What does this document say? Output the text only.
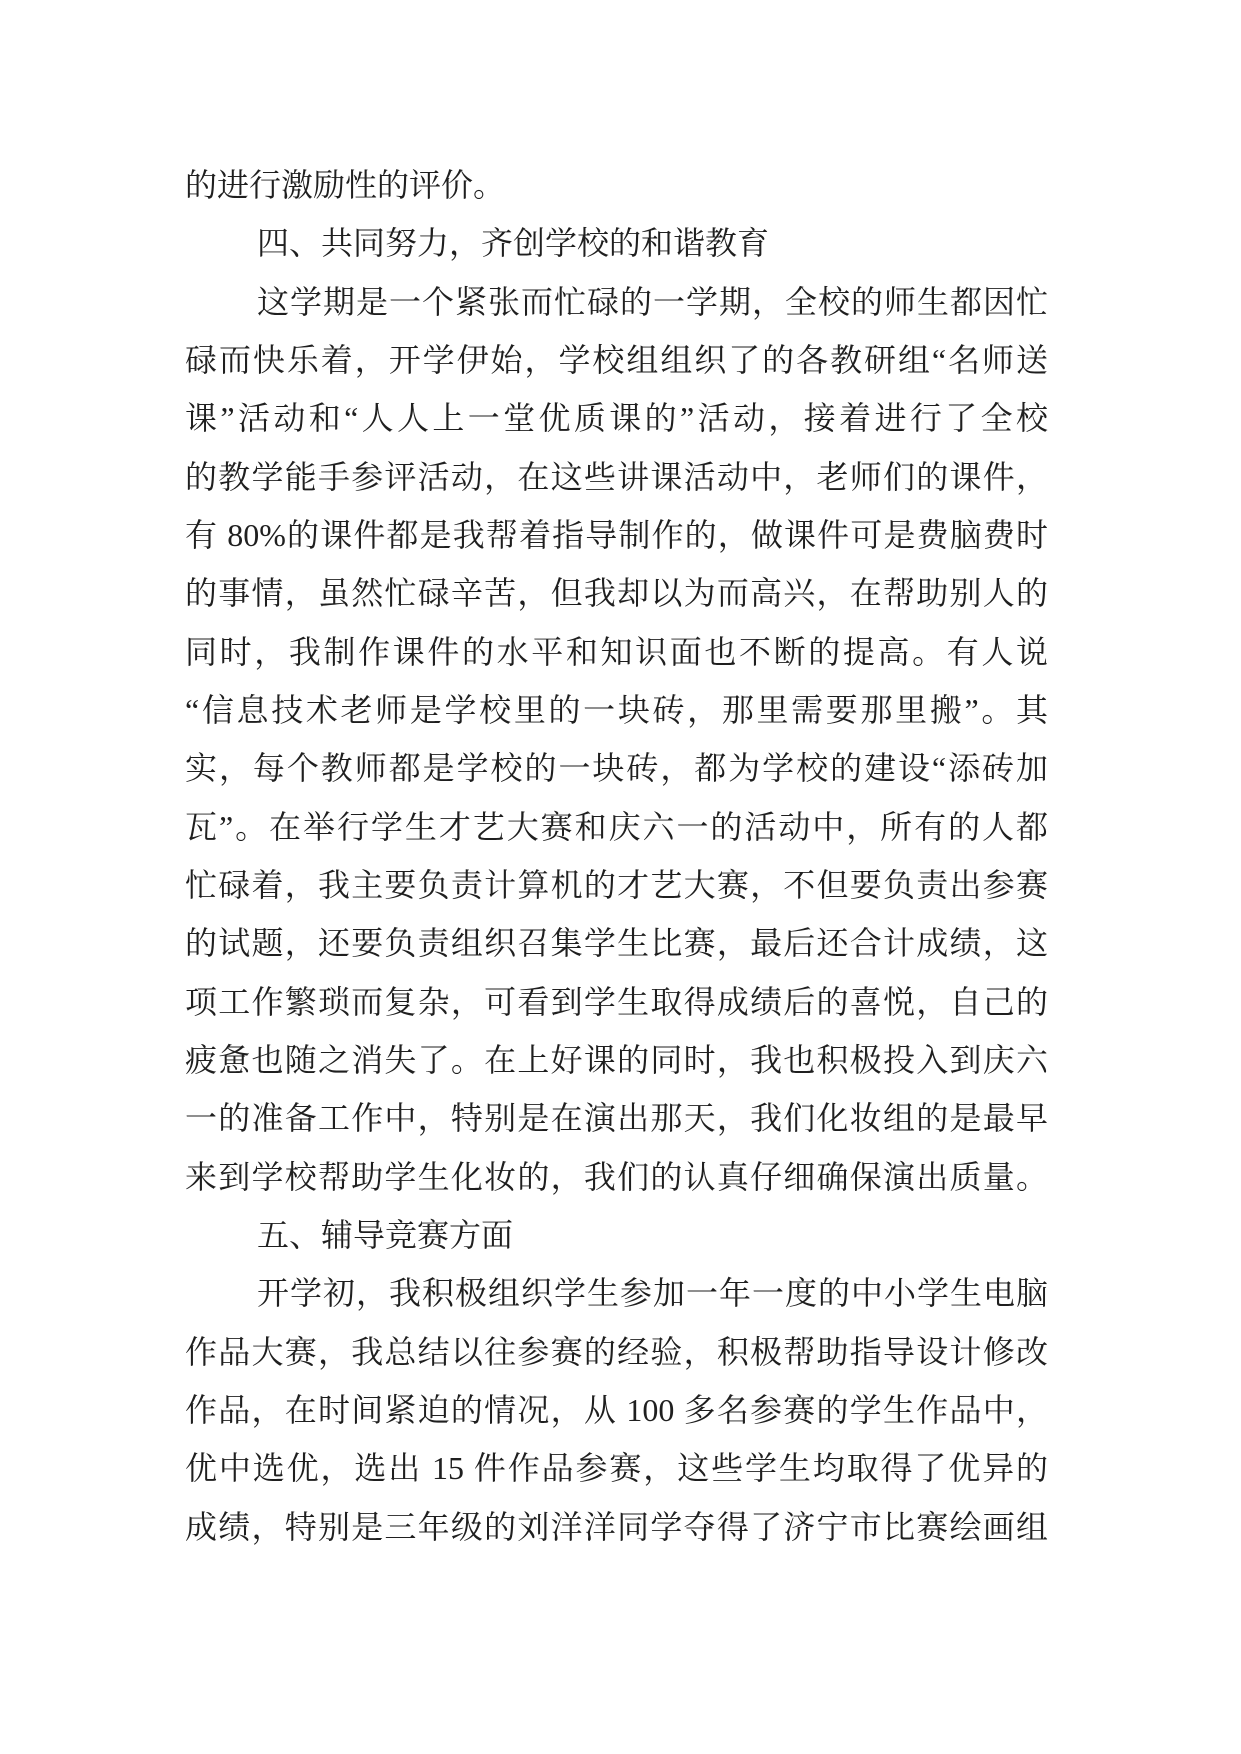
的进行激励性的评价。
四、共同努力，齐创学校的和谐教育
这学期是一个紧张而忙碌的一学期，全校的师生都因忙
碌而快乐着，开学伊始，学校组组织了的各教研组“名师送
课”活动和“人人上一堂优质课的”活动，接着进行了全校
的教学能手参评活动，在这些讲课活动中，老师们的课件，
有 80%的课件都是我帮着指导制作的，做课件可是费脑费时
的事情，虽然忙碌辛苦，但我却以为而高兴，在帮助别人的
同时，我制作课件的水平和知识面也不断的提高。有人说
“信息技术老师是学校里的一块砖，那里需要那里搬”。其
实，每个教师都是学校的一块砖，都为学校的建设“添砖加
瓦”。在举行学生才艺大赛和庆六一的活动中，所有的人都
忙碌着，我主要负责计算机的才艺大赛，不但要负责出参赛
的试题，还要负责组织召集学生比赛，最后还合计成绩，这
项工作繁琐而复杂，可看到学生取得成绩后的喜悦，自己的
疲惫也随之消失了。在上好课的同时，我也积极投入到庆六
一的准备工作中，特别是在演出那天，我们化妆组的是最早
来到学校帮助学生化妆的，我们的认真仔细确保演出质量。
五、辅导竞赛方面
开学初，我积极组织学生参加一年一度的中小学生电脑
作品大赛，我总结以往参赛的经验，积极帮助指导设计修改
作品，在时间紧迫的情况，从 100 多名参赛的学生作品中，
优中选优，选出 15 件作品参赛，这些学生均取得了优异的
成绩，特别是三年级的刘洋洋同学夺得了济宁市比赛绘画组
